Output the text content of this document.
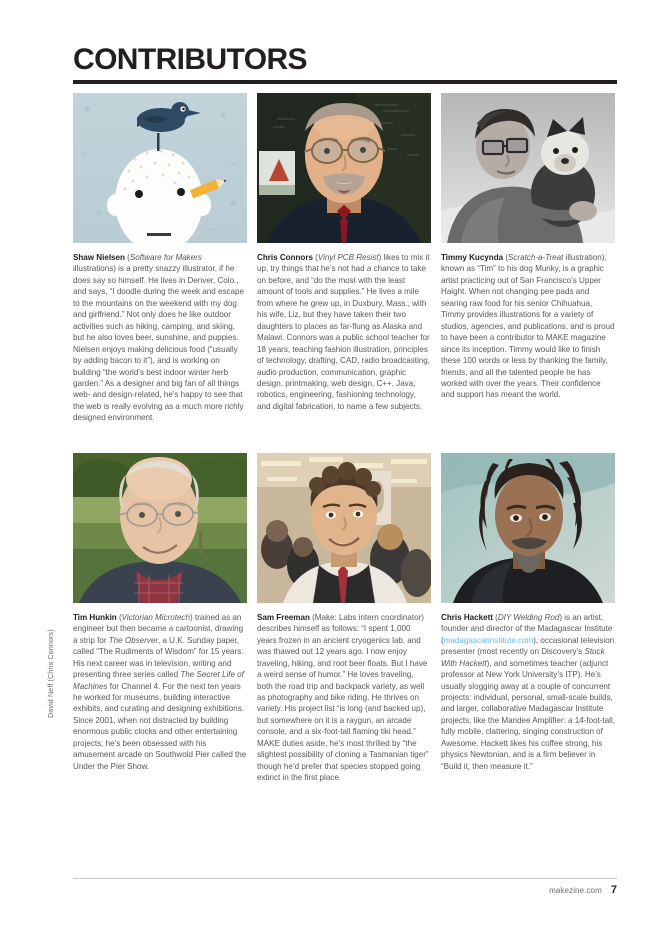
CONTRIBUTORS
Shaw Nielsen (Software for Makers illustrations) is a pretty snazzy illustrator, if he does say so himself. He lives in Denver, Colo., and says, “I doodle during the week and escape to the mountains on the weekend with my dog and girlfriend.” Not only does he like outdoor activities such as hiking, camping, and skiing, but he also loves beer, sunshine, and puppies. Nielsen enjoys making delicious food (“usually by adding bacon to it”), and is working on building “the world’s best indoor winter herb garden.” As a designer and big fan of all things web- and design-related, he’s happy to see that the web is really evolving as a much more richly designed environment.
Chris Connors (Vinyl PCB Resist) likes to mix it up, try things that he’s not had a chance to take on before, and “do the most with the least amount of tools and supplies.” He lives a mile from where he grew up, in Duxbury, Mass., with his wife, Liz, but they have taken their two daughters to places as far-flung as Alaska and Malawi. Connors was a public school teacher for 18 years, teaching fashion illustration, principles of technology, drafting, CAD, radio broadcasting, audio production, communication, graphic design, printmaking, web design, C++, Java, robotics, engineering, fashioning technology, and digital fabrication, to name a few subjects.
Timmy Kucynda (Scratch-a-Treat illustration), known as “Tim” to his dog Munky, is a graphic artist practicing out of San Francisco’s Upper Haight. When not changing pee pads and searing raw food for his senior Chihuahua, Timmy provides illustrations for a variety of studios, agencies, and publications, and is proud to have been a contributor to MAKE magazine since its inception. Timmy would like to finish these 100 words or less by thanking the family, friends, and all the talented people he has worked with over the years. Their confidence and support has meant the world.
Tim Hunkin (Victorian Microtech) trained as an engineer but then became a cartoonist, drawing a strip for The Observer, a U.K. Sunday paper, called “The Rudiments of Wisdom” for 15 years. His next career was in television, writing and presenting three series called The Secret Life of Machines for Channel 4. For the next ten years he worked for museums, building interactive exhibits, and curating and designing exhibitions. Since 2001, when not distracted by building enormous public clocks and other entertaining projects, he’s been obsessed with his amusement arcade on Southwold Pier called the Under the Pier Show.
Sam Freeman (Make: Labs intern coordinator) describes himself as follows: “I spent 1,000 years frozen in an ancient cryogenics lab, and was thawed out 12 years ago. I now enjoy traveling, hiking, and root beer floats. But I have a weird sense of humor.” He loves traveling, both the road trip and backpack variety, as well as photography and bike riding. He thrives on variety. His project list “is long (and backed up), but somewhere on it is a raygun, an arcade console, and a six-foot-tall flaming tiki head.” MAKE duties aside, he’s most thrilled by “the slightest possibility of cloning a Tasmanian tiger” though he’d prefer that species stopped going extinct in the first place.
Chris Hackett (DIY Welding Rod) is an artist, founder and director of the Madagascar Institute (madagascarinstitute.com), occasional television presenter (most recently on Discovery’s Stuck With Hackett), and sometimes teacher (adjunct professor at New York University’s ITP). He’s usually slogging away at a couple of concurrent projects: individual, personal, small-scale builds, and larger, collaborative Madagascar Institute projects, like the Mandee Amplifier: a 14-foot-tall, fully mobile, clattering, singing construction of Awesome. Hackett likes his coffee strong, his physics Newtonian, and is a firm believer in “Build it, then measure it.”
David Neff (Chris Connors)
makezine.com 7
